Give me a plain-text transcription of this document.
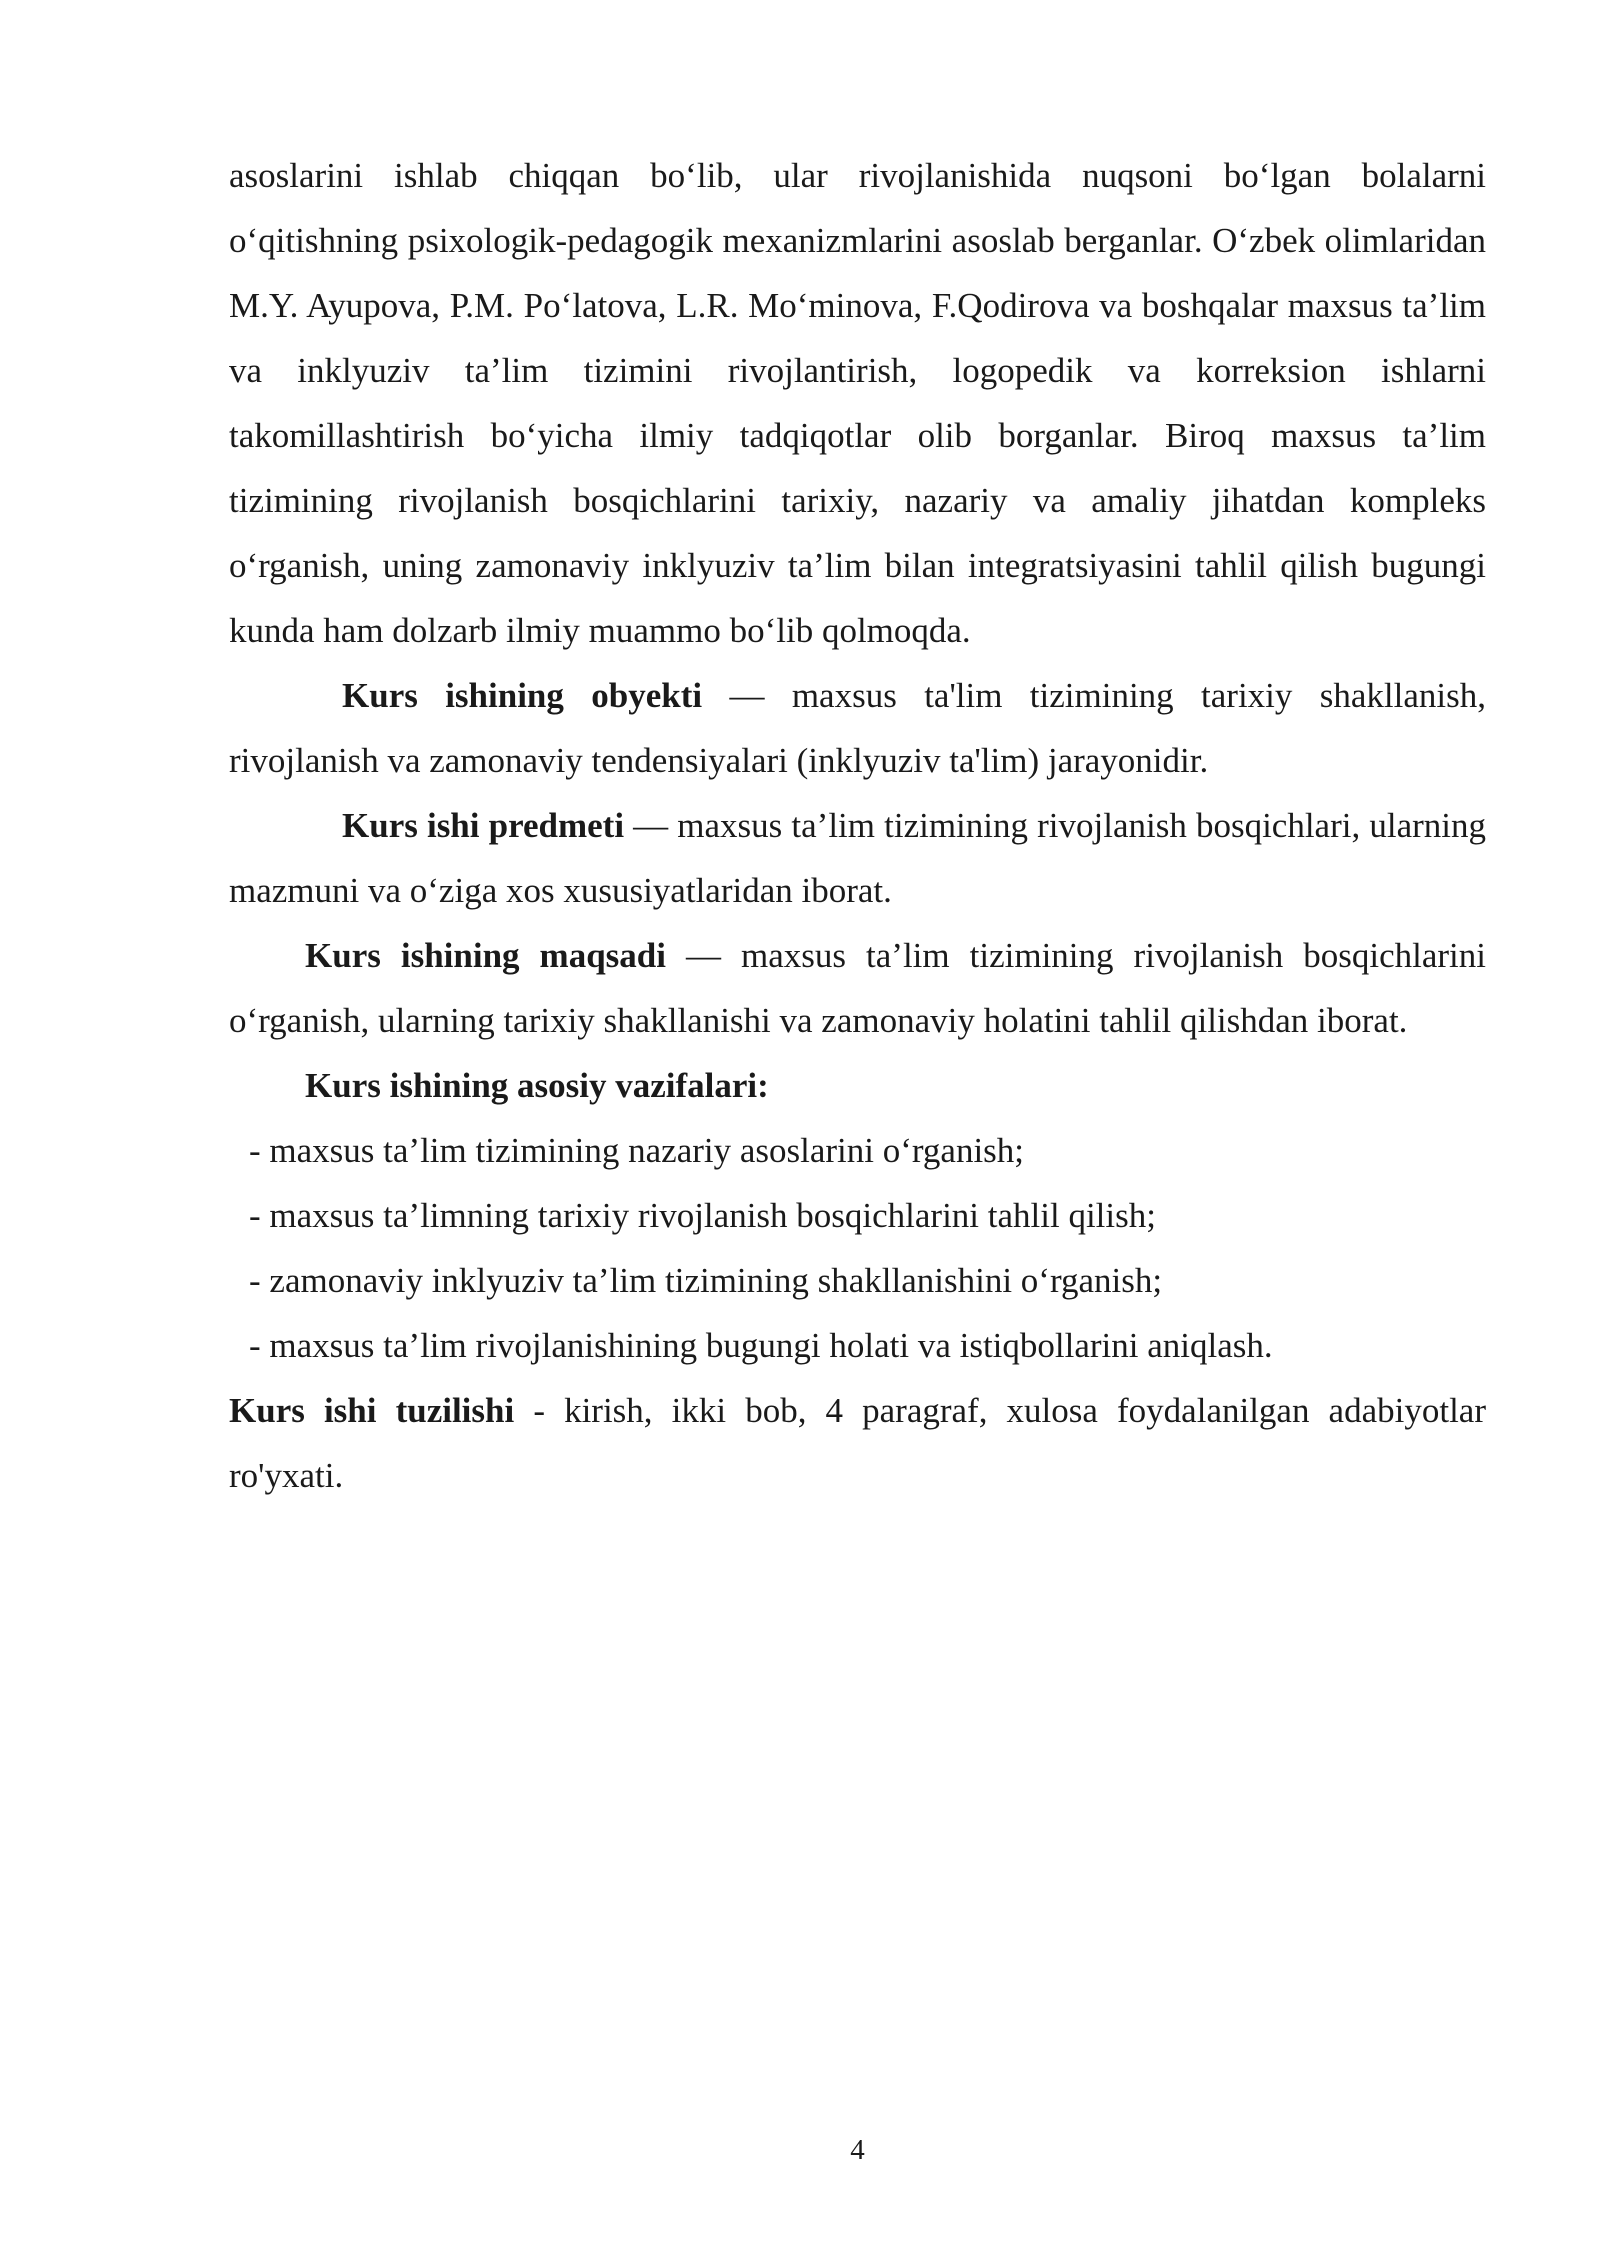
asoslarini ishlab chiqqan bo‘lib, ular rivojlanishida nuqsoni bo‘lgan bolalarni o‘qitishning psixologik-pedagogik mexanizmlarini asoslab berganlar. O‘zbek olimlaridan M.Y. Ayupova, P.M. Po‘latova, L.R. Mo‘minova, F.Qodirova va boshqalar maxsus ta’lim va inklyuziv ta’lim tizimini rivojlantirish, logopedik va korreksion ishlarni takomillashtirish bo‘yicha ilmiy tadqiqotlar olib borganlar. Biroq maxsus ta’lim tizimining rivojlanish bosqichlarini tarixiy, nazariy va amaliy jihatdan kompleks o‘rganish, uning zamonaviy inklyuziv ta’lim bilan integratsiyasini tahlil qilish bugungi kunda ham dolzarb ilmiy muammo bo‘lib qolmoqda.

Kurs ishining obyekti — maxsus ta'lim tizimining tarixiy shakllanish, rivojlanish va zamonaviy tendensiyalari (inklyuziv ta'lim) jarayonidir.

Kurs ishi predmeti — maxsus ta’lim tizimining rivojlanish bosqichlari, ularning mazmuni va o‘ziga xos xususiyatlaridan iborat.

Kurs ishining maqsadi — maxsus ta’lim tizimining rivojlanish bosqichlarini o‘rganish, ularning tarixiy shakllanishi va zamonaviy holatini tahlil qilishdan iborat.

Kurs ishining asosiy vazifalari:

- maxsus ta’lim tizimining nazariy asoslarini o‘rganish;

- maxsus ta’limning tarixiy rivojlanish bosqichlarini tahlil qilish;

- zamonaviy inklyuziv ta’lim tizimining shakllanishini o‘rganish;

- maxsus ta’lim rivojlanishining bugungi holati va istiqbollarini aniqlash.

Kurs ishi tuzilishi - kirish, ikki bob, 4 paragraf, xulosa foydalanilgan adabiyotlar ro'yxati.

4
